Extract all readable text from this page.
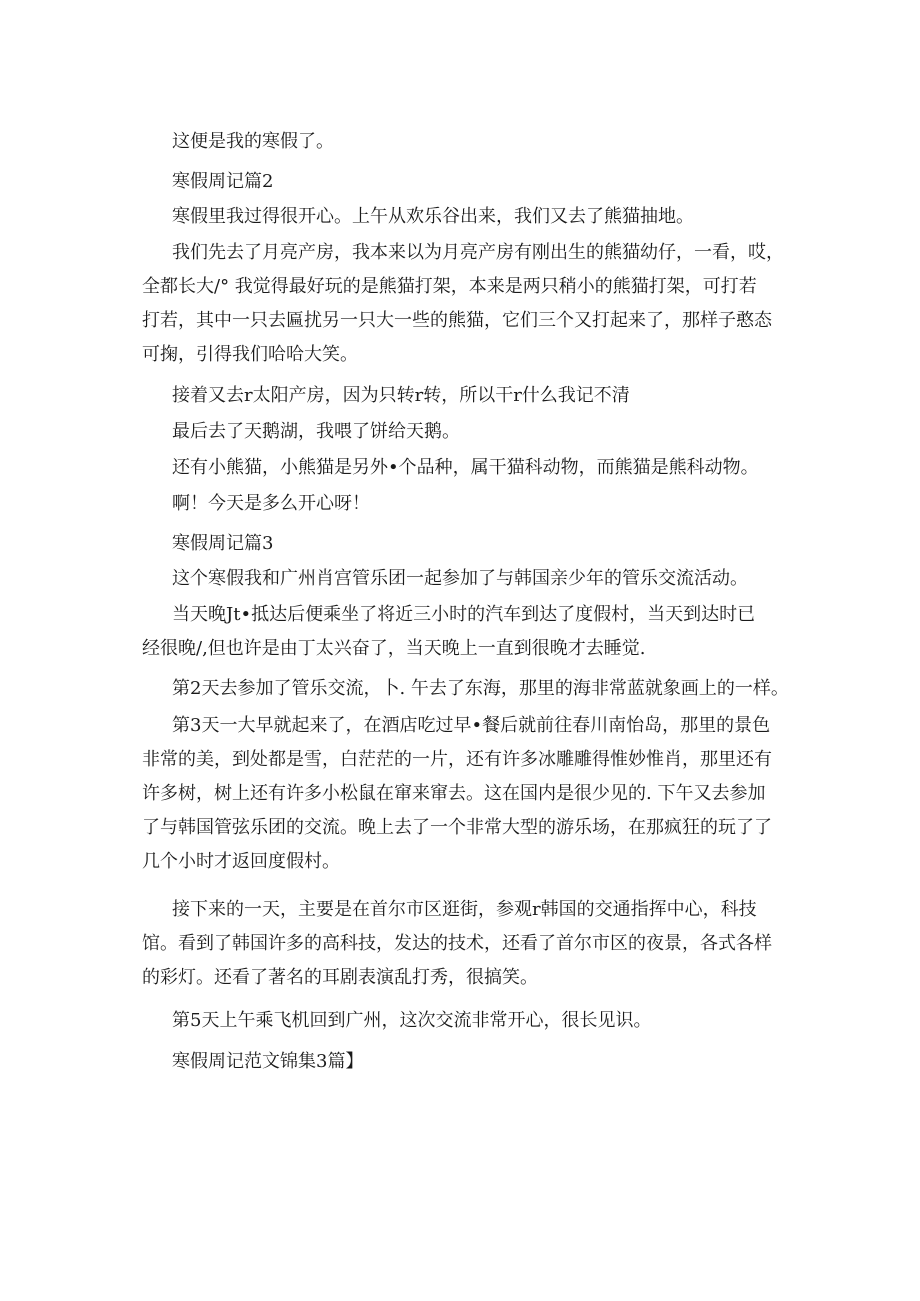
这便是我的寒假了。
寒假周记篇2
寒假里我过得很开心。上午从欢乐谷出来，我们又去了熊猫抽地。
我们先去了月亮产房，我本来以为月亮产房有刚出生的熊猫幼仔，一看，哎，
全都长大/° 我觉得最好玩的是熊猫打架，本来是两只稍小的熊猫打架，可打若
打若，其中一只去匾扰另一只大一些的熊猫，它们三个又打起来了，那样子憨态
可掬，引得我们哈哈大笑。
接着又去r太阳产房，因为只转r转，所以干r什么我记不清
最后去了天鹅湖，我喂了饼给天鹅。
还有小熊猫，小熊猫是另外•个品种，属干猫科动物，而熊猫是熊科动物。
啊！今天是多么开心呀！
寒假周记篇3
这个寒假我和广州肖宫管乐团一起参加了与韩国亲少年的管乐交流活动。
当天晚Jt•抵达后便乘坐了将近三小时的汽车到达了度假村，当天到达时已
经很晚/,但也许是由丁太兴奋了，当天晚上一直到很晚才去睡觉.
第2天去参加了管乐交流，卜. 午去了东海，那里的海非常蓝就象画上的一样。
第3天一大早就起来了，在酒店吃过早•餐后就前往春川南怡岛，那里的景色
非常的美，到处都是雪，白茫茫的一片，还有许多冰雕雕得惟妙惟肖，那里还有
许多树，树上还有许多小松鼠在窜来窜去。这在国内是很少见的. 下午又去参加
了与韩国管弦乐团的交流。晚上去了一个非常大型的游乐场，在那疯狂的玩了了
几个小时才返回度假村。
接下来的一天，主要是在首尔市区逛街，参观r韩国的交通指挥中心，科技
馆。看到了韩国许多的高科技，发达的技术，还看了首尔市区的夜景，各式各样
的彩灯。还看了著名的耳剧表演乱打秀，很搞笑。
第5天上午乘飞机回到广州，这次交流非常开心，很长见识。
寒假周记范文锦集3篇】
